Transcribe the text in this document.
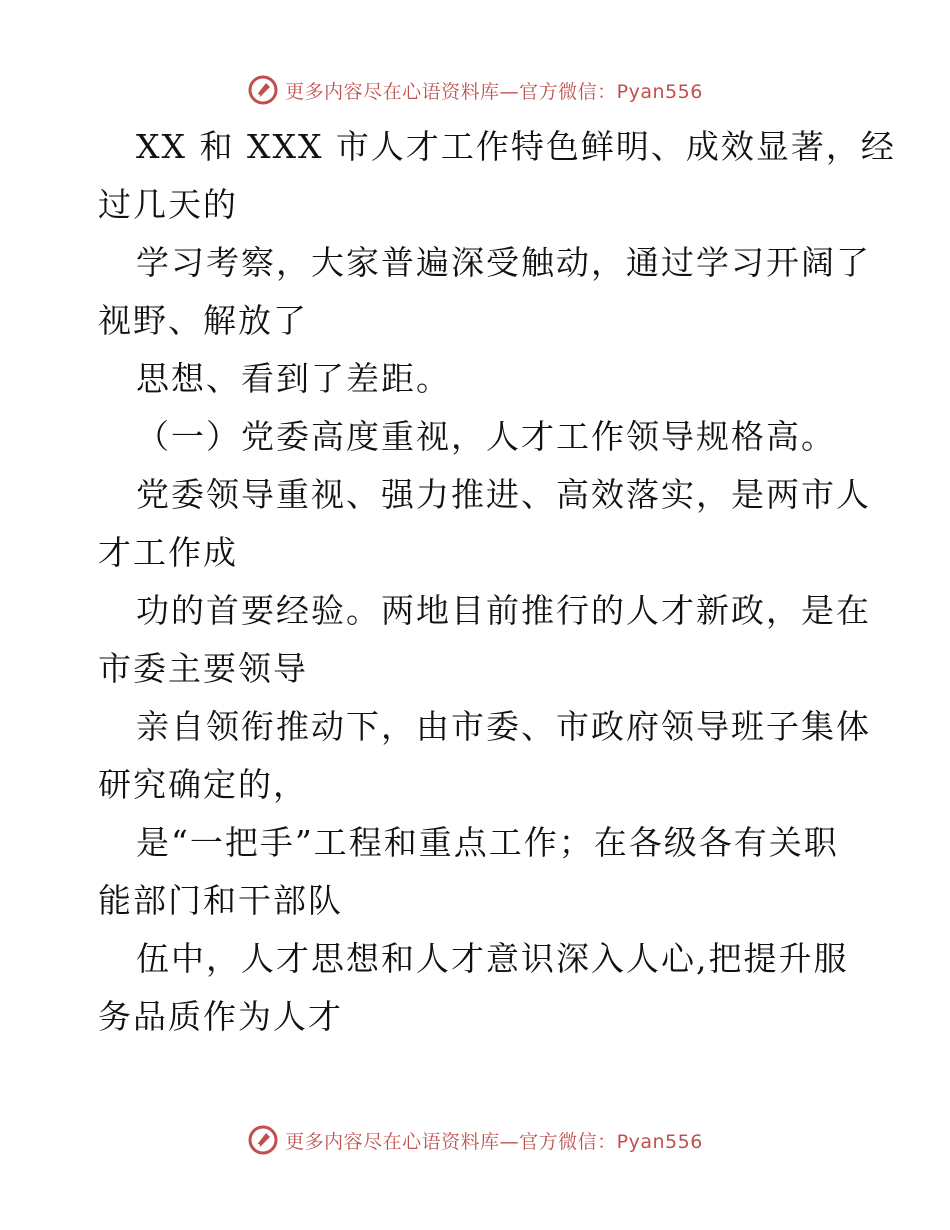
更多内容尽在心语资料库—官方微信：Pyan556
XX 和 XXX 市人才工作特色鲜明、成效显著，经
过几天的
学习考察，大家普遍深受触动，通过学习开阔了
视野、解放了
思想、看到了差距。
（一）党委高度重视，人才工作领导规格高。
党委领导重视、强力推进、高效落实，是两市人
才工作成
功的首要经验。两地目前推行的人才新政，是在
市委主要领导
亲自领衔推动下，由市委、市政府领导班子集体
研究确定的，
是“一把手”工程和重点工作；在各级各有关职
能部门和干部队
伍中，人才思想和人才意识深入人心,把提升服
务品质作为人才
更多内容尽在心语资料库—官方微信：Pyan556
